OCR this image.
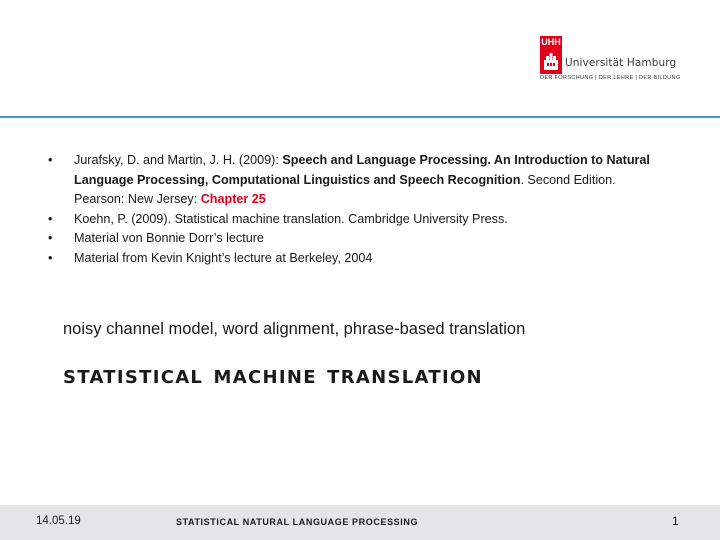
UHH
Universität Hamburg
DER FORSCHUNG | DER LEHRE | DER BILDUNG
• Jurafsky, D. and Martin, J. H. (2009): Speech and Language Processing. An Introduction to Natural Language Processing, Computational Linguistics and Speech Recognition. Second Edition. Pearson: New Jersey: Chapter 25
• Koehn, P. (2009). Statistical machine translation. Cambridge University Press.
• Material von Bonnie Dorr’s lecture
• Material from Kevin Knight’s lecture at Berkeley, 2004
noisy channel model, word alignment, phrase-based translation
statistical machine translation
14.05.19	STATISTICAL NATURAL LANGUAGE PROCESSING	1
